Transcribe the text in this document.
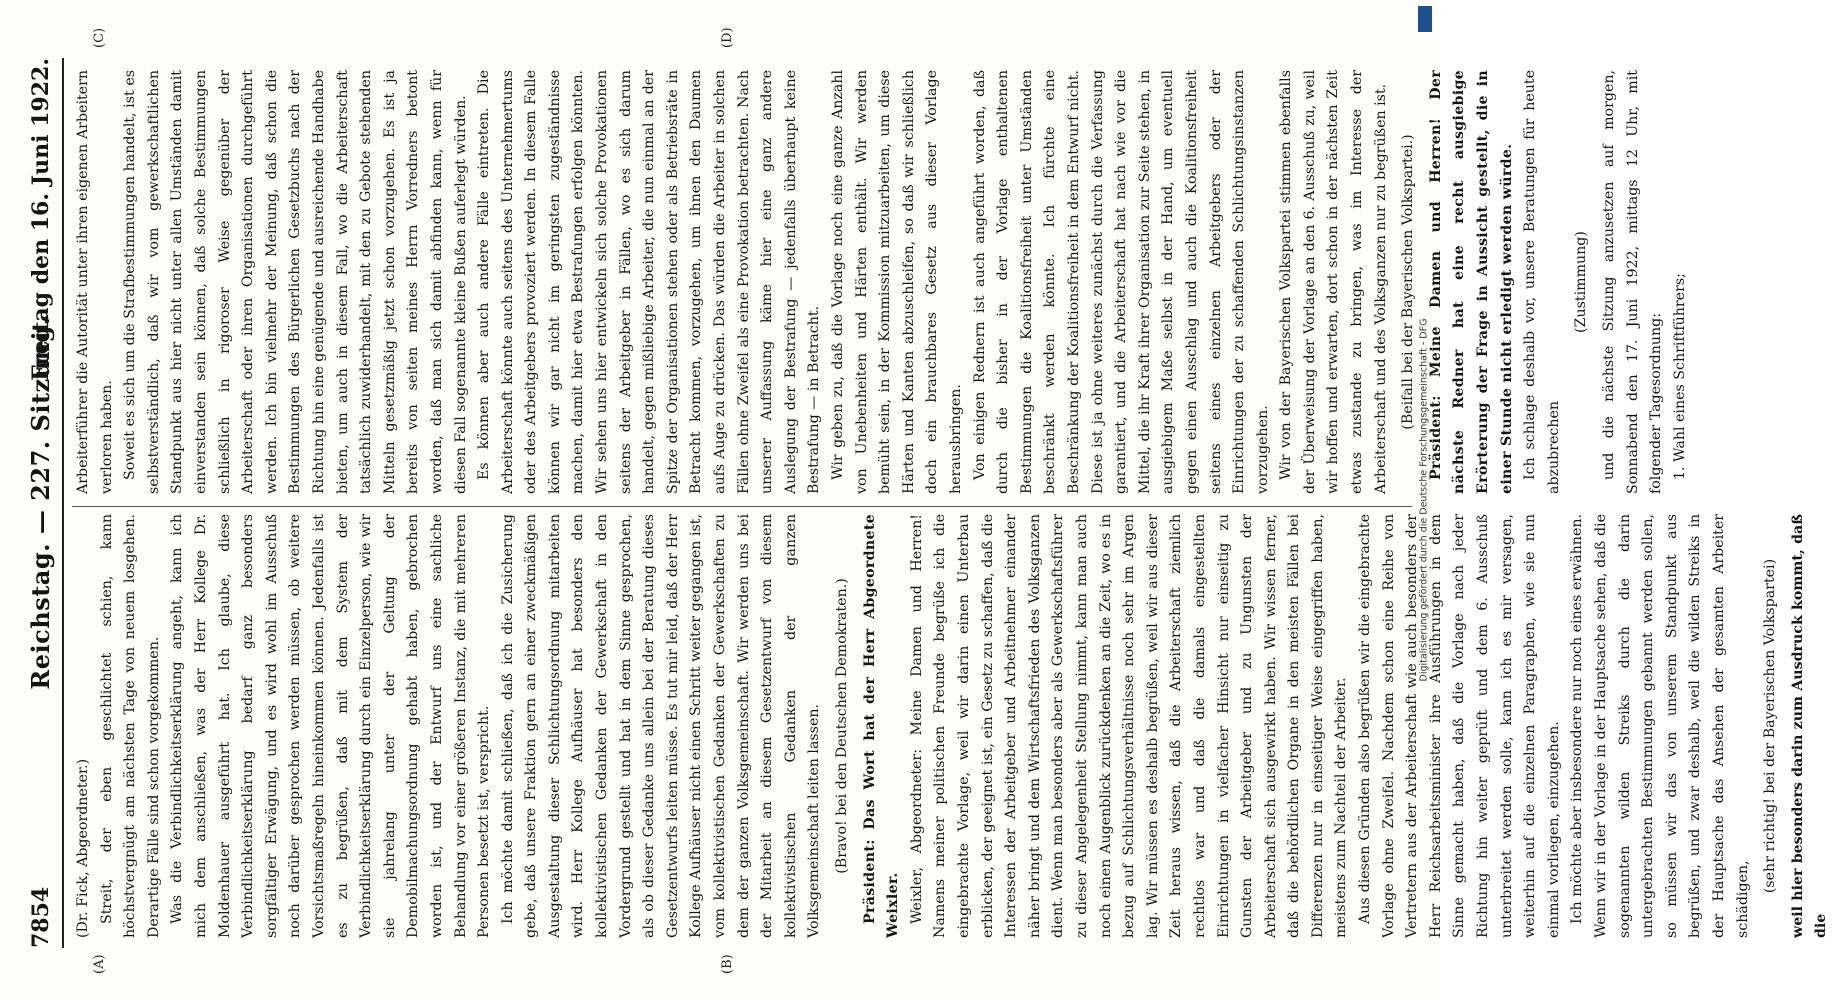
7854
Reichstag. — 227. Sitzung.
Freitag den 16. Juni 1922.
(A)	(B)
(C)	(D)

(Dr. Fick, Abgeordneter.) Streit, der eben geschlichtet schien, kann höchstvergnügt am nächsten Tage von neuem losgehen. Derartige Fälle sind schon vorgekommen. Was die Verbindlichkeitserklärung angeht, kann ich mich dem anschließen, was der Herr Kollege Dr. Moldenhauer ausgeführt hat. Ich glaube, diese Verbindlichkeitserklärung bedarf ganz besonders sorgfältiger Erwägung, und es wird wohl im Ausschuß noch darüber gesprochen werden müssen, ob weitere Vorsichtsmaßregeln hineinkommen können. Jedenfalls ist es zu begrüßen, daß mit dem System der Verbindlichkeitserklärung durch ein Einzelperson, wie wir sie jahrelang unter der Geltung der Demobilmachungsordnung gehabt haben, gebrochen worden ist, und der Entwurf uns eine sachliche Behandlung vor einer größeren Instanz, die mit mehreren Personen besetzt ist, verspricht. Ich möchte damit schließen, daß ich die Zusicherung gebe, daß unsere Fraktion gern an einer zweckmäßigen Ausgestaltung dieser Schlichtungsordnung mitarbeiten wird. Herr Kollege Aufhäuser hat besonders den kollektivistischen Gedanken der Gewerkschaft in den Vordergrund gestellt und hat in dem Sinne gesprochen, als ob dieser Gedanke uns allein bei der Beratung dieses Gesetzentwurfs leiten müsse. Es tut mir leid, daß der Herr Kollege Aufhäuser nicht einen Schritt weiter gegangen ist, vom kollektivistischen Gedanken der Gewerkschaften zu dem der ganzen Volksgemeinschaft. Wir werden uns bei der Mitarbeit an diesem Gesetzentwurf von diesem kollektivistischen Gedanken der ganzen Volksgemeinschaft leiten lassen. (Bravo! bei den Deutschen Demokraten.) Präsident: Das Wort hat der Herr Abgeordnete Weixler. Weixler, Abgeordneter: Meine Damen und Herren! Namens meiner politischen Freunde begrüße ich die eingebrachte Vorlage, weil wir darin einen Unterbau erblicken, der geeignet ist, ein Gesetz zu schaffen, daß die Interessen der Arbeitgeber und Arbeitnehmer einander näher bringt und dem Wirtschaftsfrieden des Volksganzen dient. Wenn man besonders aber als Gewerkschaftsführer zu dieser Angelegenheit Stellung nimmt, kann man auch noch einen Augenblick zurückdenken an die Zeit, wo es in bezug auf Schlichtungsverhältnisse noch sehr im Argen lag. Wir müssen es deshalb begrüßen, weil wir aus dieser Zeit heraus wissen, daß die Arbeiterschaft ziemlich rechtlos war und daß die damals eingestellten Einrichtungen in vielfacher Hinsicht nur einseitig zu Gunsten der Arbeitgeber und zu Ungunsten der Arbeiterschaft sich ausgewirkt haben. Wir wissen ferner, daß die behördlichen Organe in den meisten Fällen bei Differenzen nur in einseitiger Weise eingegriffen haben, meistens zum Nachteil der Arbeiter. Aus diesen Gründen also begrüßen wir die eingebrachte Vorlage ohne Zweifel. Nachdem schon eine Reihe von Vertretern aus der Arbeiterschaft wie auch besonders der Herr Reichsarbeitsminister ihre Ausführungen in dem Sinne gemacht haben, daß die Vorlage nach jeder Richtung hin weiter geprüft und dem 6. Ausschuß unterbreitet werden solle, kann ich es mir versagen, weiterhin auf die einzelnen Paragraphen, wie sie nun einmal vorliegen, einzugehen. Ich möchte aber insbesondere nur noch eines erwähnen. Wenn wir in der Vorlage in der Hauptsache sehen, daß die sogenannten wilden Streiks durch die darin untergebrachten Bestimmungen gebannt werden sollen, so müssen wir das von unserem Standpunkt aus begrüßen, und zwar deshalb, weil die wilden Streiks in der Hauptsache das Ansehen der gesamten Arbeiter schädigen,

(sehr richtig! bei der Bayerischen Volkspartei) weil hier besonders darin zum Ausdruck kommt, daß die

Arbeiterführer die Autorität unter ihren eigenen Arbeitern verloren haben. Soweit es sich um die Strafbestimmungen handelt, ist es selbstverständlich, daß wir vom gewerkschaftlichen Standpunkt aus hier nicht unter allen Umständen damit einverstanden sein können, daß solche Bestimmungen schließlich in rigoroser Weise gegenüber der Arbeiterschaft oder ihren Organisationen durchgeführt werden. Ich bin vielmehr der Meinung, daß schon die Bestimmungen des Bürgerlichen Gesetzbuchs nach der Richtung hin eine genügende und ausreichende Handhabe bieten, um auch in diesem Fall, wo die Arbeiterschaft tatsächlich zuwiderhandelt, mit den zu Gebote stehenden Mitteln gesetzmäßig jetzt schon vorzugehen. Es ist ja bereits von seiten meines Herrn Vorredners betont worden, daß man sich damit abfinden kann, wenn für diesen Fall sogenannte kleine Bußen auferlegt würden. Es können aber auch andere Fälle eintreten. Die Arbeiterschaft könnte auch seitens des Unternehmertums oder des Arbeitgebers provoziert werden. In diesem Falle können wir gar nicht im geringsten zugeständnisse machen, damit hier etwa Bestrafungen erfolgen könnten. Wir sehen uns hier entwickeln sich solche Provokationen seitens der Arbeitgeber in Fällen, wo es sich darum handelt, gegen mißliebige Arbeiter, die nun einmal an der Spitze der Organisationen stehen oder als Betriebsräte in Betracht kommen, vorzugehen, um ihnen den Daumen aufs Auge zu drücken. Das würden die Arbeiter in solchen Fällen ohne Zweifel als eine Provokation betrachten. Nach unserer Auffassung käme hier eine ganz andere Auslegung der Bestrafung — jedenfalls überhaupt keine Bestrafung — in Betracht. Wir geben zu, daß die Vorlage noch eine ganze Anzahl von Unebenheiten und Härten enthält. Wir werden bemüht sein, in der Kommission mitzuarbeiten, um diese Härten und Kanten abzuschleifen, so daß wir schließlich doch ein brauchbares Gesetz aus dieser Vorlage herausbringen. Von einigen Rednern ist auch angeführt worden, daß durch die bisher in der Vorlage enthaltenen Bestimmungen die Koalitionsfreiheit unter Umständen beschränkt werden könnte. Ich fürchte eine Beschränkung der Koalitionsfreiheit in dem Entwurf nicht. Diese ist ja ohne weiteres zunächst durch die Verfassung garantiert, und die Arbeiterschaft hat nach wie vor die Mittel, die ihr Kraft ihrer Organisation zur Seite stehen, in ausgiebigem Maße selbst in der Hand, um eventuell gegen einen Ausschlag und auch die Koalitionsfreiheit seitens eines einzelnen Arbeitgebers oder der Einrichtungen der zu schaffenden Schlichtungsinstanzen vorzugehen. Wir von der Bayerischen Volkspartei stimmen ebenfalls der Überweisung der Vorlage an den 6. Ausschuß zu, weil wir hoffen und erwarten, dort schon in der nächsten Zeit etwas zustande zu bringen, was im Interesse der Arbeiterschaft und des Volksganzen nur zu begrüßen ist. (Beifall bei der Bayerischen Volkspartei.) Präsident: Meine Damen und Herren! Der nächste Redner hat eine recht ausgiebige Erörterung der Frage in Aussicht gestellt, die in einer Stunde nicht erledigt werden würde. Ich schlage deshalb vor, unsere Beratungen für heute abzubrechen

(Zustimmung) und die nächste Sitzung anzusetzen auf morgen, Sonnabend den 17. Juni 1922, mittags 12 Uhr, mit folgender Tagesordnung: 1. Wahl eines Schriftführers;

Digitalisierung gefördert durch die Deutsche Forschungsgemeinschaft - DFG
